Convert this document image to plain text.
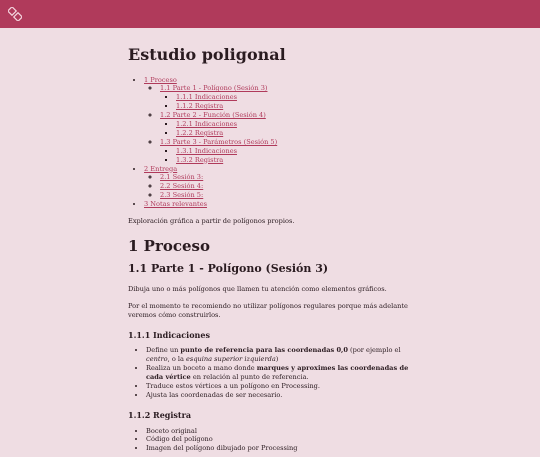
Estudio poligonal
• 1 Proceso
◦ 1.1 Parte 1 - Polígono (Sesión 3)
▪ 1.1.1 Indicaciones
▪ 1.1.2 Registra
◦ 1.2 Parte 2 - Función (Sesión 4)
▪ 1.2.1 Indicaciones
▪ 1.2.2 Registra
◦ 1.3 Parte 3 - Parámetros (Sesión 5)
▪ 1.3.1 Indicaciones
▪ 1.3.2 Registra
• 2 Entrega
◦ 2.1 Sesión 3:
◦ 2.2 Sesión 4:
◦ 2.3 Sesión 5:
• 3 Notas relevantes

Exploración gráfica a partir de polígonos propios.

1 Proceso
1.1 Parte 1 - Polígono (Sesión 3)

Dibuja uno o más polígonos que llamen tu atención como elementos gráficos.

Por el momento te recomiendo no utilizar polígonos regulares porque más adelante veremos cómo construirlos.

1.1.1 Indicaciones
• Define un punto de referencia para las coordenadas 0,0 (por ejemplo el centro, o la esquina superior izquierda)
• Realiza un boceto a mano donde marques y aproximes las coordenadas de cada vértice en relación al punto de referencia.
• Traduce estos vértices a un polígono en Processing.
• Ajusta las coordenadas de ser necesario.
1.1.2 Registra
• Boceto original
• Código del polígono
• Imagen del polígono dibujado por Processing
